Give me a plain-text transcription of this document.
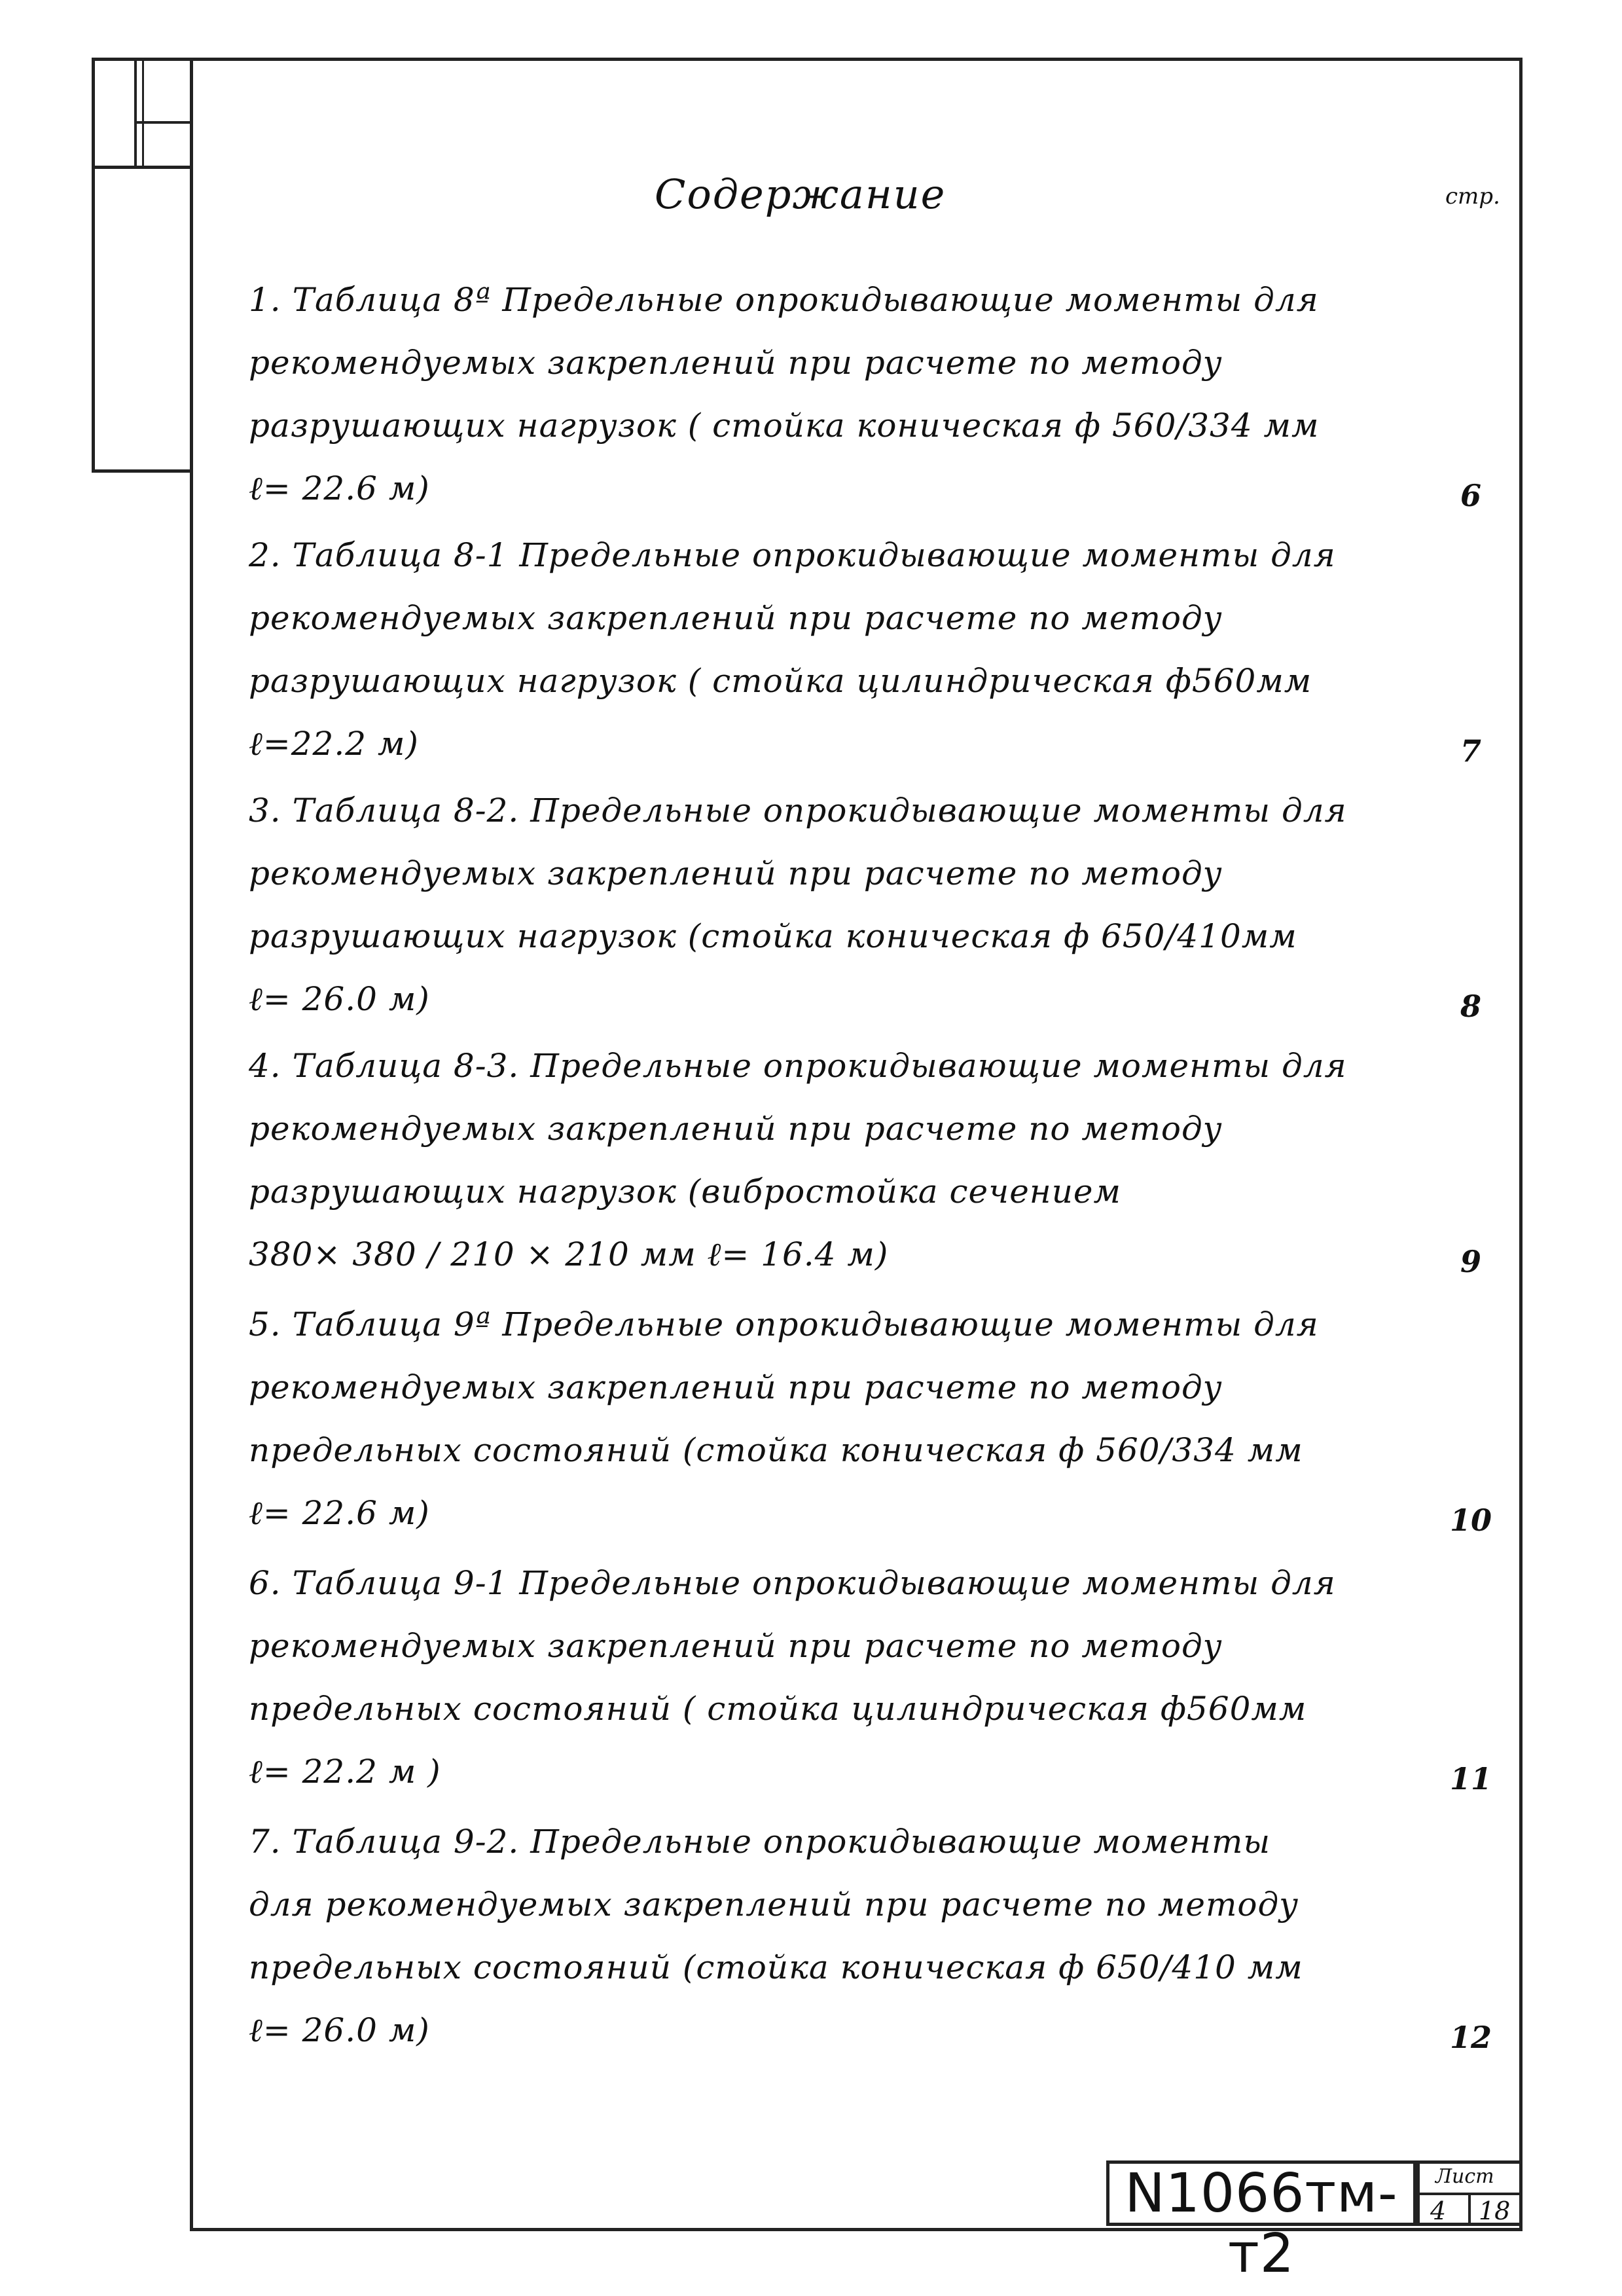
Содержание	стр.
1. Таблица 8ª Предельные опрокидывающие моменты для
рекомендуемых закреплений при расчете по методу
разрушающих нагрузок ( стойка коническая ф 560/334 мм
ℓ= 22.6 м)	6
2. Таблица 8-1 Предельные опрокидывающие моменты для
рекомендуемых закреплений при расчете по методу
разрушающих нагрузок ( стойка цилиндрическая ф560мм
ℓ=22.2 м)	7
3. Таблица 8-2. Предельные опрокидывающие моменты для
рекомендуемых закреплений при расчете по методу
разрушающих нагрузок (стойка коническая ф 650/410мм
ℓ= 26.0 м)	8
4. Таблица 8-3. Предельные опрокидывающие моменты для
рекомендуемых закреплений при расчете по методу
разрушающих нагрузок (вибростойка сечением
380× 380 / 210 × 210 мм ℓ= 16.4 м)	9
5. Таблица 9ª Предельные опрокидывающие моменты для
рекомендуемых закреплений при расчете по методу
предельных состояний (стойка коническая ф 560/334 мм
ℓ= 22.6 м)	10
6. Таблица 9-1 Предельные опрокидывающие моменты для
рекомендуемых закреплений при расчете по методу
предельных состояний ( стойка цилиндрическая ф560мм
ℓ= 22.2 м )	11
7. Таблица 9-2. Предельные опрокидывающие моменты
для рекомендуемых закреплений при расчете по методу
предельных состояний (стойка коническая ф 650/410 мм
ℓ= 26.0 м)	12
N1066тм-т2
Лист
4 18
